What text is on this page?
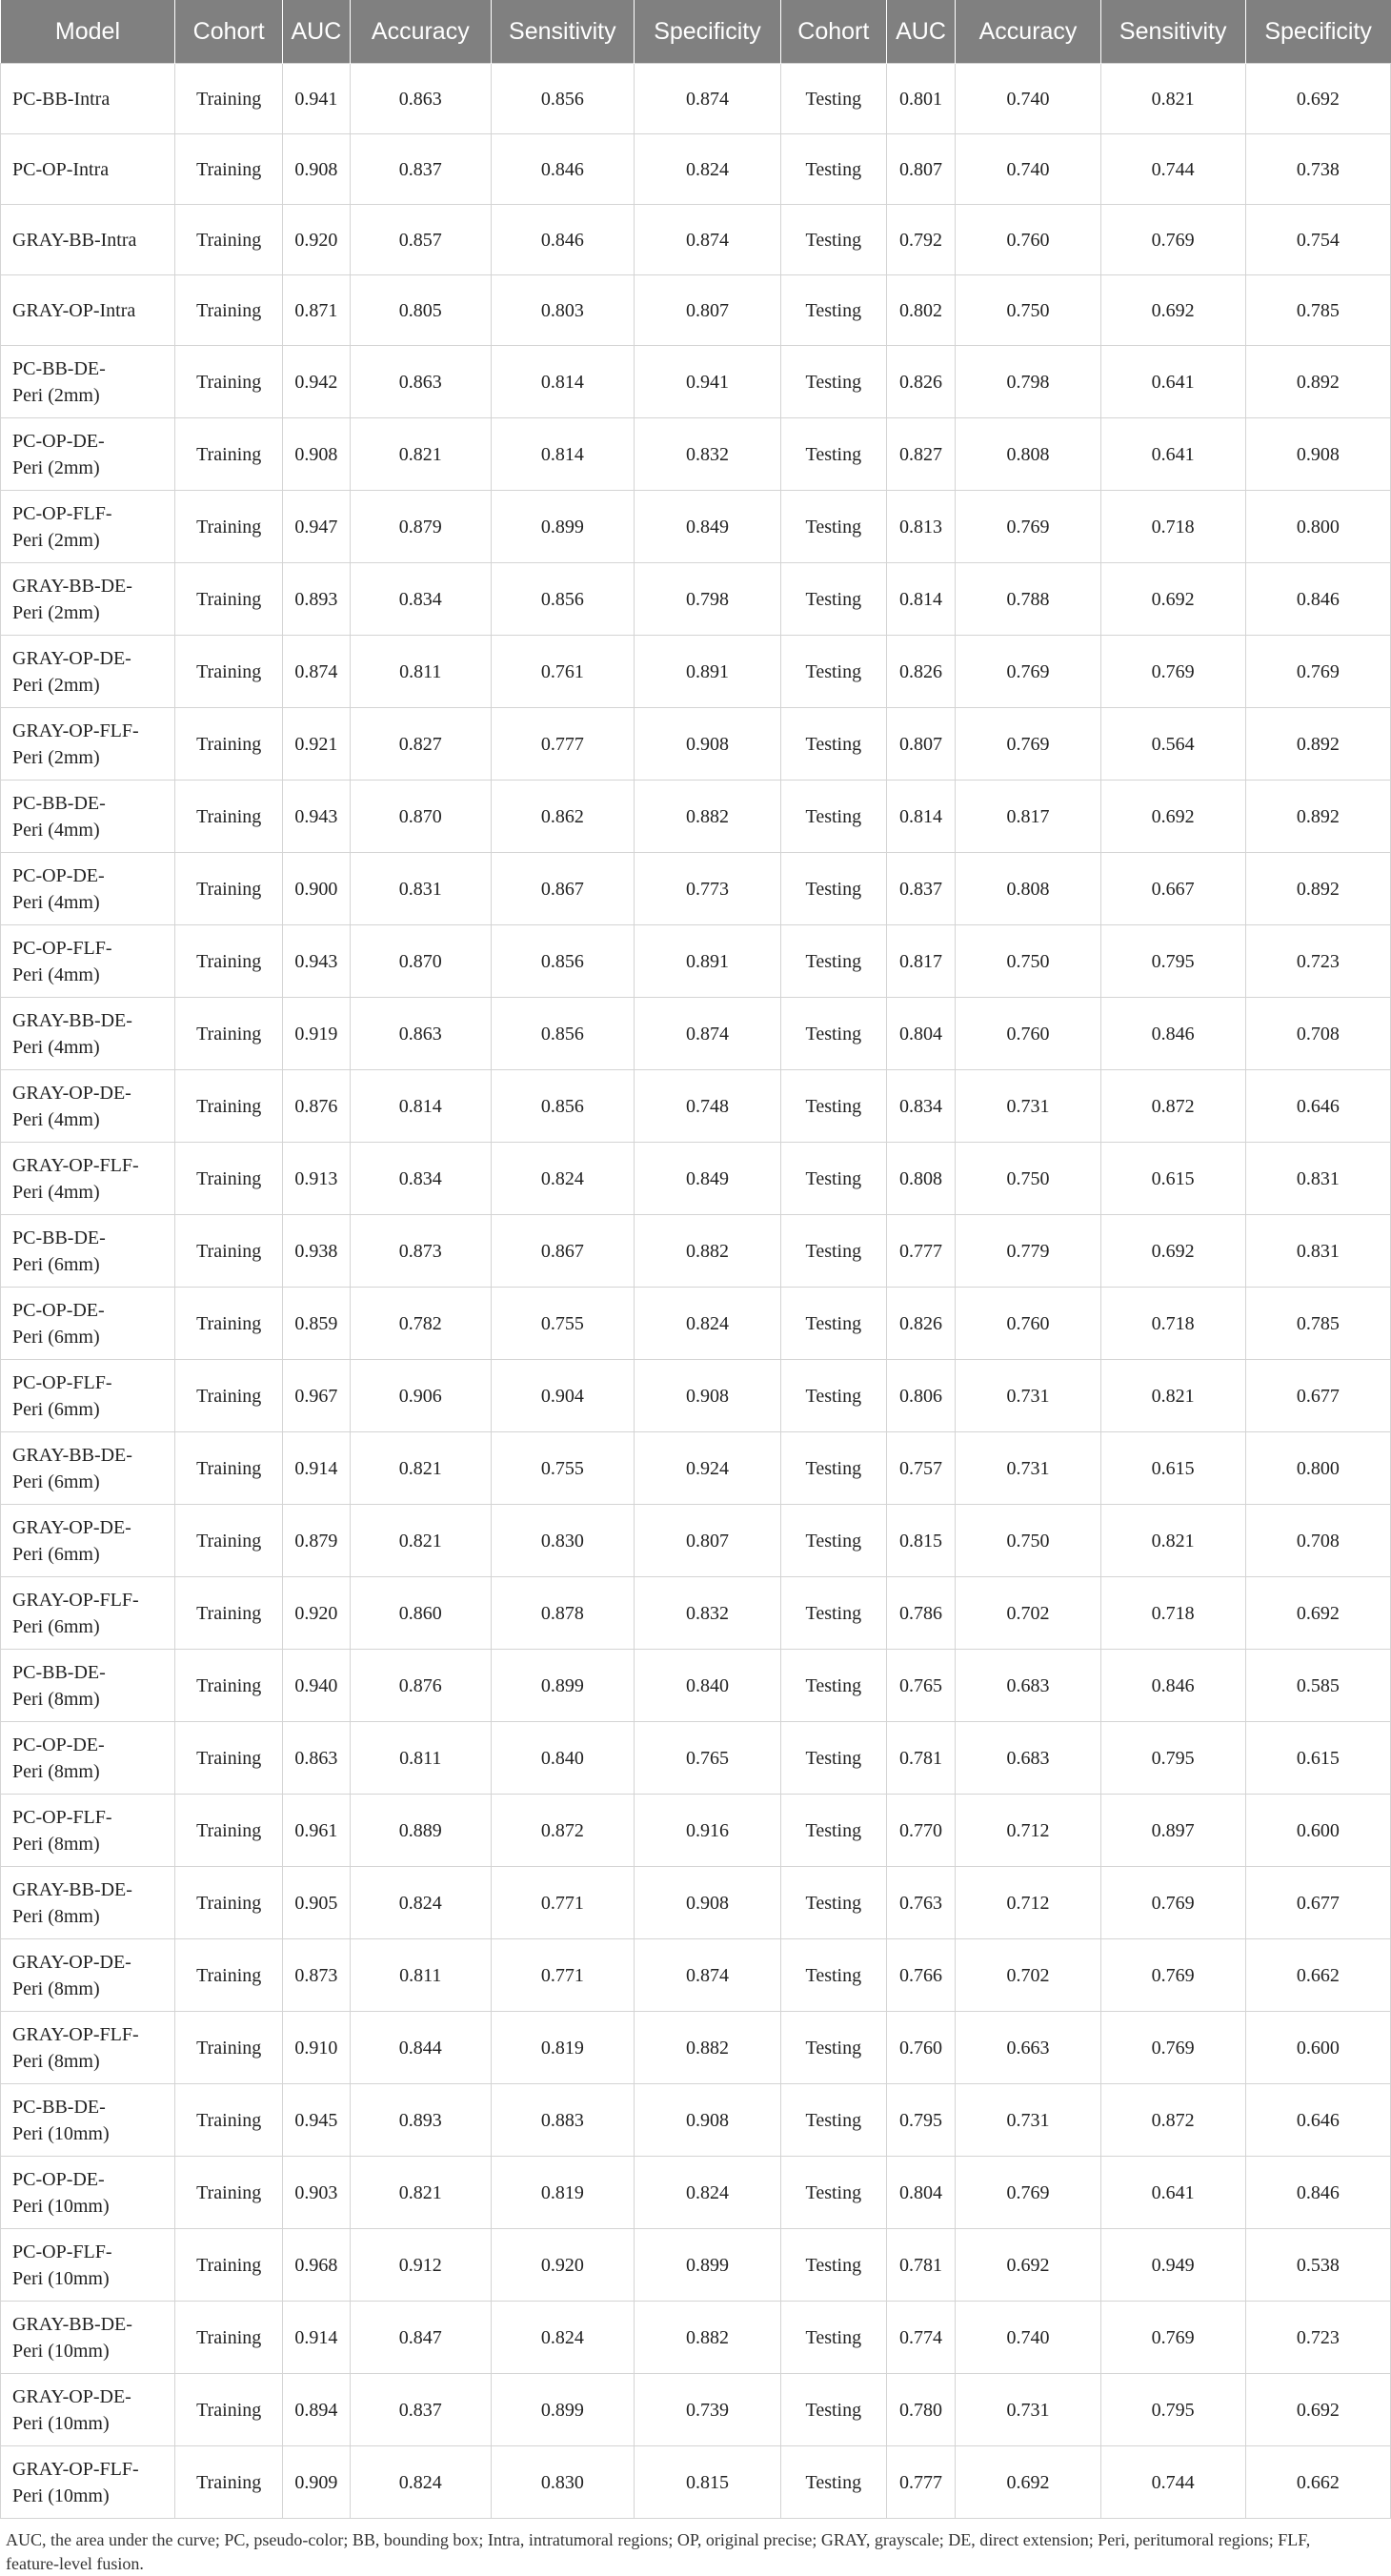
Model	Cohort	AUC	Accuracy	Sensitivity	Specificity	Cohort	AUC	Accuracy	Sensitivity	Specificity
PC-BB-Intra	Training	0.941	0.863	0.856	0.874	Testing	0.801	0.740	0.821	0.692
PC-OP-Intra	Training	0.908	0.837	0.846	0.824	Testing	0.807	0.740	0.744	0.738
GRAY-BB-Intra	Training	0.920	0.857	0.846	0.874	Testing	0.792	0.760	0.769	0.754
GRAY-OP-Intra	Training	0.871	0.805	0.803	0.807	Testing	0.802	0.750	0.692	0.785
PC-BB-DE-
Peri (2mm)	Training	0.942	0.863	0.814	0.941	Testing	0.826	0.798	0.641	0.892
PC-OP-DE-
Peri (2mm)	Training	0.908	0.821	0.814	0.832	Testing	0.827	0.808	0.641	0.908
PC-OP-FLF-
Peri (2mm)	Training	0.947	0.879	0.899	0.849	Testing	0.813	0.769	0.718	0.800
GRAY-BB-DE-
Peri (2mm)	Training	0.893	0.834	0.856	0.798	Testing	0.814	0.788	0.692	0.846
GRAY-OP-DE-
Peri (2mm)	Training	0.874	0.811	0.761	0.891	Testing	0.826	0.769	0.769	0.769
GRAY-OP-FLF-
Peri (2mm)	Training	0.921	0.827	0.777	0.908	Testing	0.807	0.769	0.564	0.892
PC-BB-DE-
Peri (4mm)	Training	0.943	0.870	0.862	0.882	Testing	0.814	0.817	0.692	0.892
PC-OP-DE-
Peri (4mm)	Training	0.900	0.831	0.867	0.773	Testing	0.837	0.808	0.667	0.892
PC-OP-FLF-
Peri (4mm)	Training	0.943	0.870	0.856	0.891	Testing	0.817	0.750	0.795	0.723
GRAY-BB-DE-
Peri (4mm)	Training	0.919	0.863	0.856	0.874	Testing	0.804	0.760	0.846	0.708
GRAY-OP-DE-
Peri (4mm)	Training	0.876	0.814	0.856	0.748	Testing	0.834	0.731	0.872	0.646
GRAY-OP-FLF-
Peri (4mm)	Training	0.913	0.834	0.824	0.849	Testing	0.808	0.750	0.615	0.831
PC-BB-DE-
Peri (6mm)	Training	0.938	0.873	0.867	0.882	Testing	0.777	0.779	0.692	0.831
PC-OP-DE-
Peri (6mm)	Training	0.859	0.782	0.755	0.824	Testing	0.826	0.760	0.718	0.785
PC-OP-FLF-
Peri (6mm)	Training	0.967	0.906	0.904	0.908	Testing	0.806	0.731	0.821	0.677
GRAY-BB-DE-
Peri (6mm)	Training	0.914	0.821	0.755	0.924	Testing	0.757	0.731	0.615	0.800
GRAY-OP-DE-
Peri (6mm)	Training	0.879	0.821	0.830	0.807	Testing	0.815	0.750	0.821	0.708
GRAY-OP-FLF-
Peri (6mm)	Training	0.920	0.860	0.878	0.832	Testing	0.786	0.702	0.718	0.692
PC-BB-DE-
Peri (8mm)	Training	0.940	0.876	0.899	0.840	Testing	0.765	0.683	0.846	0.585
PC-OP-DE-
Peri (8mm)	Training	0.863	0.811	0.840	0.765	Testing	0.781	0.683	0.795	0.615
PC-OP-FLF-
Peri (8mm)	Training	0.961	0.889	0.872	0.916	Testing	0.770	0.712	0.897	0.600
GRAY-BB-DE-
Peri (8mm)	Training	0.905	0.824	0.771	0.908	Testing	0.763	0.712	0.769	0.677
GRAY-OP-DE-
Peri (8mm)	Training	0.873	0.811	0.771	0.874	Testing	0.766	0.702	0.769	0.662
GRAY-OP-FLF-
Peri (8mm)	Training	0.910	0.844	0.819	0.882	Testing	0.760	0.663	0.769	0.600
PC-BB-DE-
Peri (10mm)	Training	0.945	0.893	0.883	0.908	Testing	0.795	0.731	0.872	0.646
PC-OP-DE-
Peri (10mm)	Training	0.903	0.821	0.819	0.824	Testing	0.804	0.769	0.641	0.846
PC-OP-FLF-
Peri (10mm)	Training	0.968	0.912	0.920	0.899	Testing	0.781	0.692	0.949	0.538
GRAY-BB-DE-
Peri (10mm)	Training	0.914	0.847	0.824	0.882	Testing	0.774	0.740	0.769	0.723
GRAY-OP-DE-
Peri (10mm)	Training	0.894	0.837	0.899	0.739	Testing	0.780	0.731	0.795	0.692
GRAY-OP-FLF-
Peri (10mm)	Training	0.909	0.824	0.830	0.815	Testing	0.777	0.692	0.744	0.662
AUC, the area under the curve; PC, pseudo-color; BB, bounding box; Intra, intratumoral regions; OP, original precise; GRAY, grayscale; DE, direct extension; Peri, peritumoral regions; FLF,
feature-level fusion.
